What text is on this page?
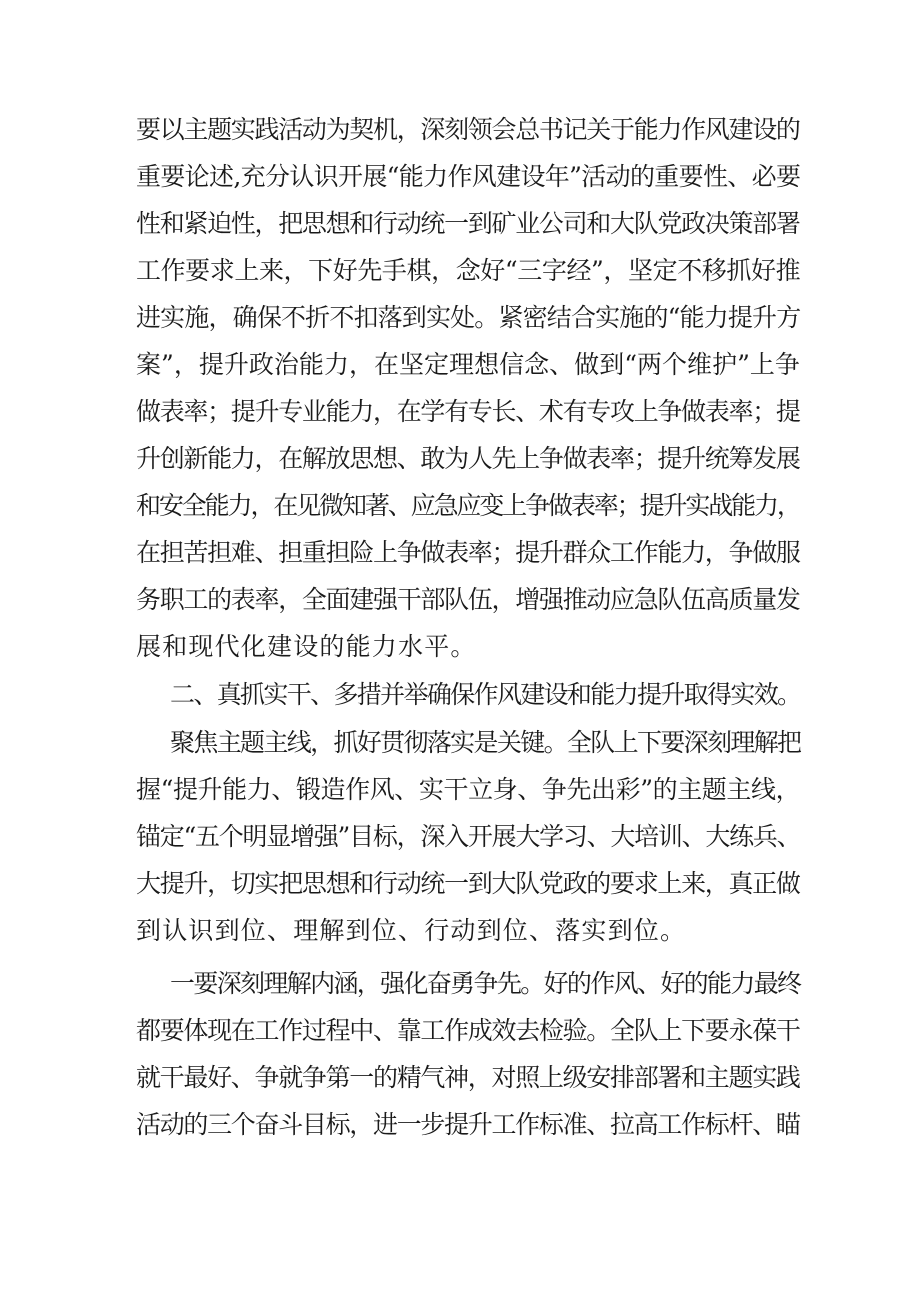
要以主题实践活动为契机，深刻领会总书记关于能力作风建设的
重要论述,充分认识开展“能力作风建设年”活动的重要性、必要
性和紧迫性，把思想和行动统一到矿业公司和大队党政决策部署
工作要求上来，下好先手棋，念好“三字经”，坚定不移抓好推
进实施，确保不折不扣落到实处。紧密结合实施的“能力提升方
案”，提升政治能力，在坚定理想信念、做到“两个维护”上争
做表率；提升专业能力，在学有专长、术有专攻上争做表率；提
升创新能力，在解放思想、敢为人先上争做表率；提升统筹发展
和安全能力，在见微知著、应急应变上争做表率；提升实战能力，
在担苦担难、担重担险上争做表率；提升群众工作能力，争做服
务职工的表率，全面建强干部队伍，增强推动应急队伍高质量发
展和现代化建设的能力水平。
二、真抓实干、多措并举确保作风建设和能力提升取得实效。
聚焦主题主线，抓好贯彻落实是关键。全队上下要深刻理解把
握“提升能力、锻造作风、实干立身、争先出彩”的主题主线，
锚定“五个明显增强”目标，深入开展大学习、大培训、大练兵、
大提升，切实把思想和行动统一到大队党政的要求上来，真正做
到认识到位、理解到位、行动到位、落实到位。
一要深刻理解内涵，强化奋勇争先。好的作风、好的能力最终
都要体现在工作过程中、靠工作成效去检验。全队上下要永葆干
就干最好、争就争第一的精气神，对照上级安排部署和主题实践
活动的三个奋斗目标，进一步提升工作标准、拉高工作标杆、瞄
